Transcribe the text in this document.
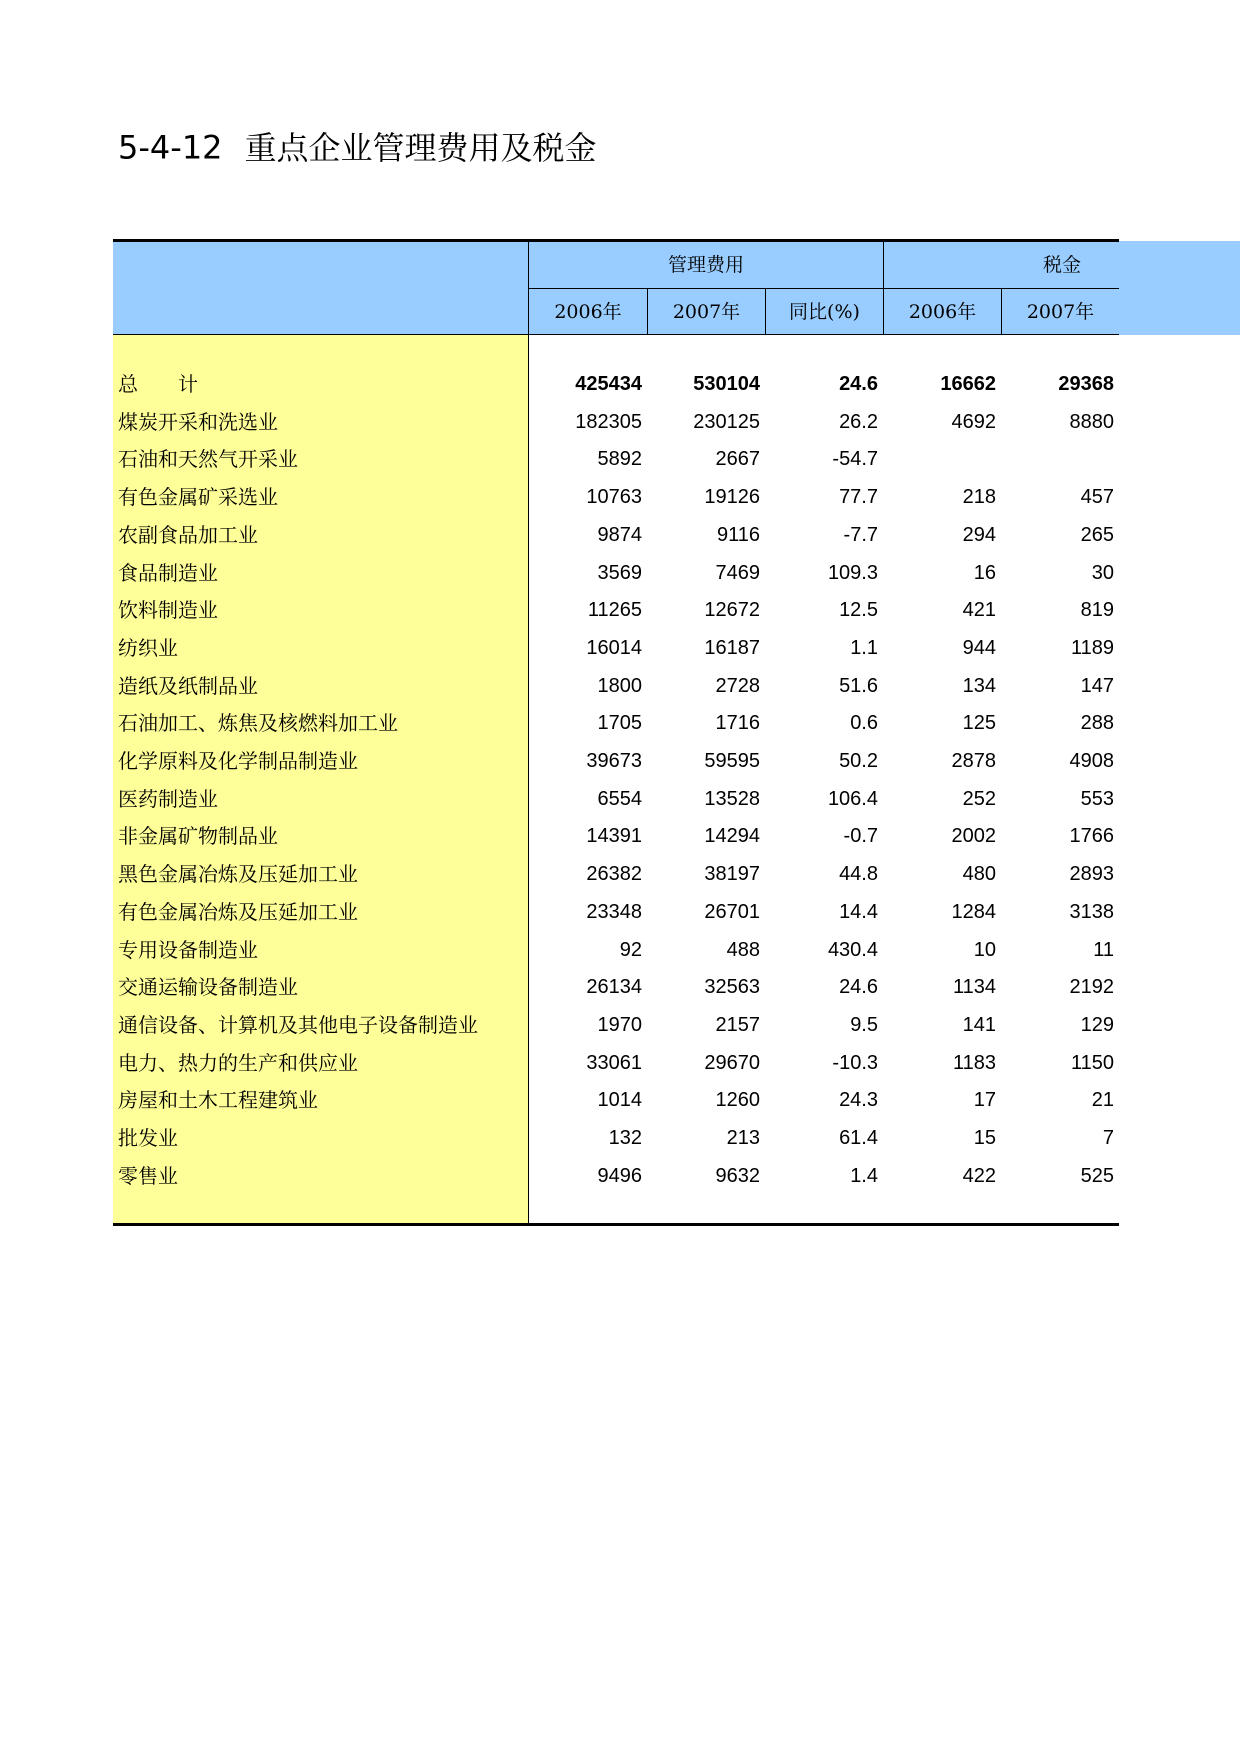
5-4-12 重点企业管理费用及税金
管理费用	税金
2006年	2007年	同比(%)	2006年	2007年
总　　计	425434	530104	24.6	16662	29368
煤炭开采和洗选业	182305	230125	26.2	4692	8880
石油和天然气开采业	5892	2667	-54.7
有色金属矿采选业	10763	19126	77.7	218	457
农副食品加工业	9874	9116	-7.7	294	265
食品制造业	3569	7469	109.3	16	30
饮料制造业	11265	12672	12.5	421	819
纺织业	16014	16187	1.1	944	1189
造纸及纸制品业	1800	2728	51.6	134	147
石油加工、炼焦及核燃料加工业	1705	1716	0.6	125	288
化学原料及化学制品制造业	39673	59595	50.2	2878	4908
医药制造业	6554	13528	106.4	252	553
非金属矿物制品业	14391	14294	-0.7	2002	1766
黑色金属冶炼及压延加工业	26382	38197	44.8	480	2893
有色金属冶炼及压延加工业	23348	26701	14.4	1284	3138
专用设备制造业	92	488	430.4	10	11
交通运输设备制造业	26134	32563	24.6	1134	2192
通信设备、计算机及其他电子设备制造业	1970	2157	9.5	141	129
电力、热力的生产和供应业	33061	29670	-10.3	1183	1150
房屋和土木工程建筑业	1014	1260	24.3	17	21
批发业	132	213	61.4	15	7
零售业	9496	9632	1.4	422	525
